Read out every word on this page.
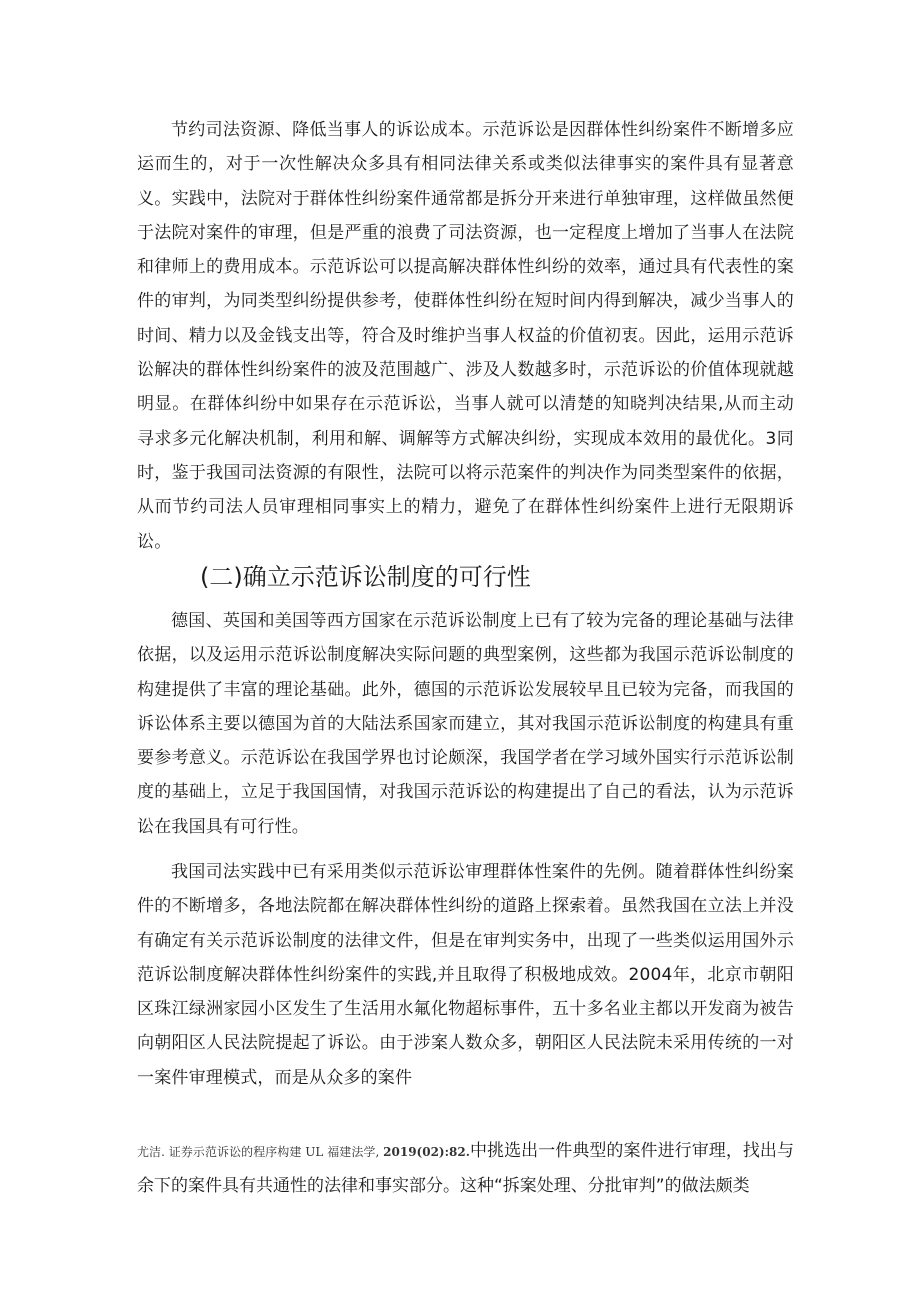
节约司法资源、降低当事人的诉讼成本。示范诉讼是因群体性纠纷案件不断增多应运而生的，对于一次性解决众多具有相同法律关系或类似法律事实的案件具有显著意义。实践中，法院对于群体性纠纷案件通常都是拆分开来进行单独审理，这样做虽然便于法院对案件的审理，但是严重的浪费了司法资源，也一定程度上增加了当事人在法院和律师上的费用成本。示范诉讼可以提高解决群体性纠纷的效率，通过具有代表性的案件的审判，为同类型纠纷提供参考，使群体性纠纷在短时间内得到解决，减少当事人的时间、精力以及金钱支出等，符合及时维护当事人权益的价值初衷。因此，运用示范诉讼解决的群体性纠纷案件的波及范围越广、涉及人数越多时，示范诉讼的价值体现就越明显。在群体纠纷中如果存在示范诉讼，当事人就可以清楚的知晓判决结果,从而主动寻求多元化解决机制，利用和解、调解等方式解决纠纷，实现成本效用的最优化。3同时，鉴于我国司法资源的有限性，法院可以将示范案件的判决作为同类型案件的依据，从而节约司法人员审理相同事实上的精力，避免了在群体性纠纷案件上进行无限期诉讼。

(二)确立示范诉讼制度的可行性

德国、英国和美国等西方国家在示范诉讼制度上已有了较为完备的理论基础与法律依据，以及运用示范诉讼制度解决实际问题的典型案例，这些都为我国示范诉讼制度的构建提供了丰富的理论基础。此外，德国的示范诉讼发展较早且已较为完备，而我国的诉讼体系主要以德国为首的大陆法系国家而建立，其对我国示范诉讼制度的构建具有重要参考意义。示范诉讼在我国学界也讨论颇深，我国学者在学习域外国实行示范诉讼制度的基础上，立足于我国国情，对我国示范诉讼的构建提出了自己的看法，认为示范诉讼在我国具有可行性。

我国司法实践中已有采用类似示范诉讼审理群体性案件的先例。随着群体性纠纷案件的不断增多，各地法院都在解决群体性纠纷的道路上探索着。虽然我国在立法上并没有确定有关示范诉讼制度的法律文件，但是在审判实务中，出现了一些类似运用国外示范诉讼制度解决群体性纠纷案件的实践,并且取得了积极地成效。2004年，北京市朝阳区珠江绿洲家园小区发生了生活用水氟化物超标事件，五十多名业主都以开发商为被告向朝阳区人民法院提起了诉讼。由于涉案人数众多，朝阳区人民法院未采用传统的一对一案件审理模式，而是从众多的案件

尤洁. 证券示范诉讼的程序构建 UL 福建法学, 2019(02):82.中挑选出一件典型的案件进行审理，找出与余下的案件具有共通性的法律和事实部分。这种“拆案处理、分批审判”的做法颇类
